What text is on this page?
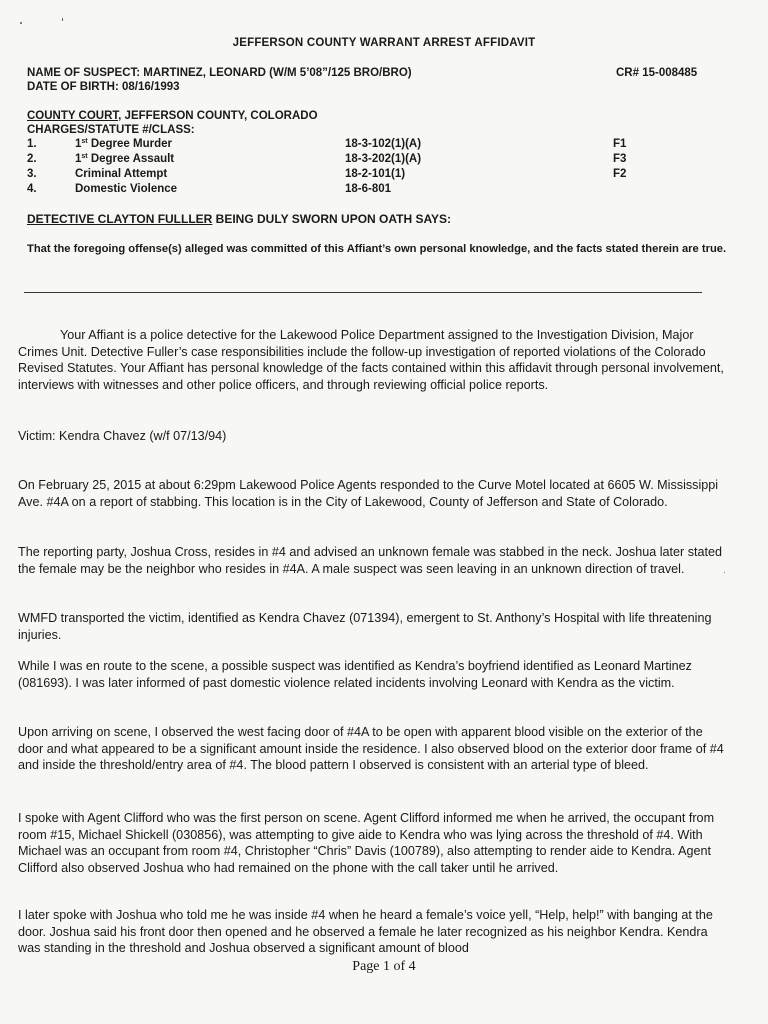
JEFFERSON COUNTY WARRANT ARREST AFFIDAVIT
NAME OF SUSPECT: MARTINEZ, LEONARD (W/M 5’08”/125 BRO/BRO)	CR# 15-008485
DATE OF BIRTH: 08/16/1993
COUNTY COURT, JEFFERSON COUNTY, COLORADO
CHARGES/STATUTE #/CLASS:
1.	1st Degree Murder	18-3-102(1)(A)	F1
2.	1st Degree Assault	18-3-202(1)(A)	F3
3.	Criminal Attempt	18-2-101(1)	F2
4.	Domestic Violence	18-6-801
DETECTIVE CLAYTON FULLLER BEING DULY SWORN UPON OATH SAYS:
That the foregoing offense(s) alleged was committed of this Affiant’s own personal knowledge, and the facts stated therein are true.

Your Affiant is a police detective for the Lakewood Police Department assigned to the Investigation Division, Major Crimes Unit. Detective Fuller’s case responsibilities include the follow-up investigation of reported violations of the Colorado Revised Statutes. Your Affiant has personal knowledge of the facts contained within this affidavit through personal involvement, interviews with witnesses and other police officers, and through reviewing official police reports.

Victim: Kendra Chavez (w/f 07/13/94)

On February 25, 2015 at about 6:29pm Lakewood Police Agents responded to the Curve Motel located at 6605 W. Mississippi Ave. #4A on a report of stabbing. This location is in the City of Lakewood, County of Jefferson and State of Colorado.

The reporting party, Joshua Cross, resides in #4 and advised an unknown female was stabbed in the neck. Joshua later stated the female may be the neighbor who resides in #4A. A male suspect was seen leaving in an unknown direction of travel.

WMFD transported the victim, identified as Kendra Chavez (071394), emergent to St. Anthony’s Hospital with life threatening injuries.

While I was en route to the scene, a possible suspect was identified as Kendra’s boyfriend identified as Leonard Martinez (081693). I was later informed of past domestic violence related incidents involving Leonard with Kendra as the victim.

Upon arriving on scene, I observed the west facing door of #4A to be open with apparent blood visible on the exterior of the door and what appeared to be a significant amount inside the residence. I also observed blood on the exterior door frame of #4 and inside the threshold/entry area of #4. The blood pattern I observed is consistent with an arterial type of bleed.

I spoke with Agent Clifford who was the first person on scene. Agent Clifford informed me when he arrived, the occupant from room #15, Michael Shickell (030856), was attempting to give aide to Kendra who was lying across the threshold of #4. With Michael was an occupant from room #4, Christopher “Chris” Davis (100789), also attempting to render aide to Kendra. Agent Clifford also observed Joshua who had remained on the phone with the call taker until he arrived.

I later spoke with Joshua who told me he was inside #4 when he heard a female’s voice yell, “Help, help!” with banging at the door. Joshua said his front door then opened and he observed a female he later recognized as his neighbor Kendra. Kendra was standing in the threshold and Joshua observed a significant amount of blood

Page 1 of 4
